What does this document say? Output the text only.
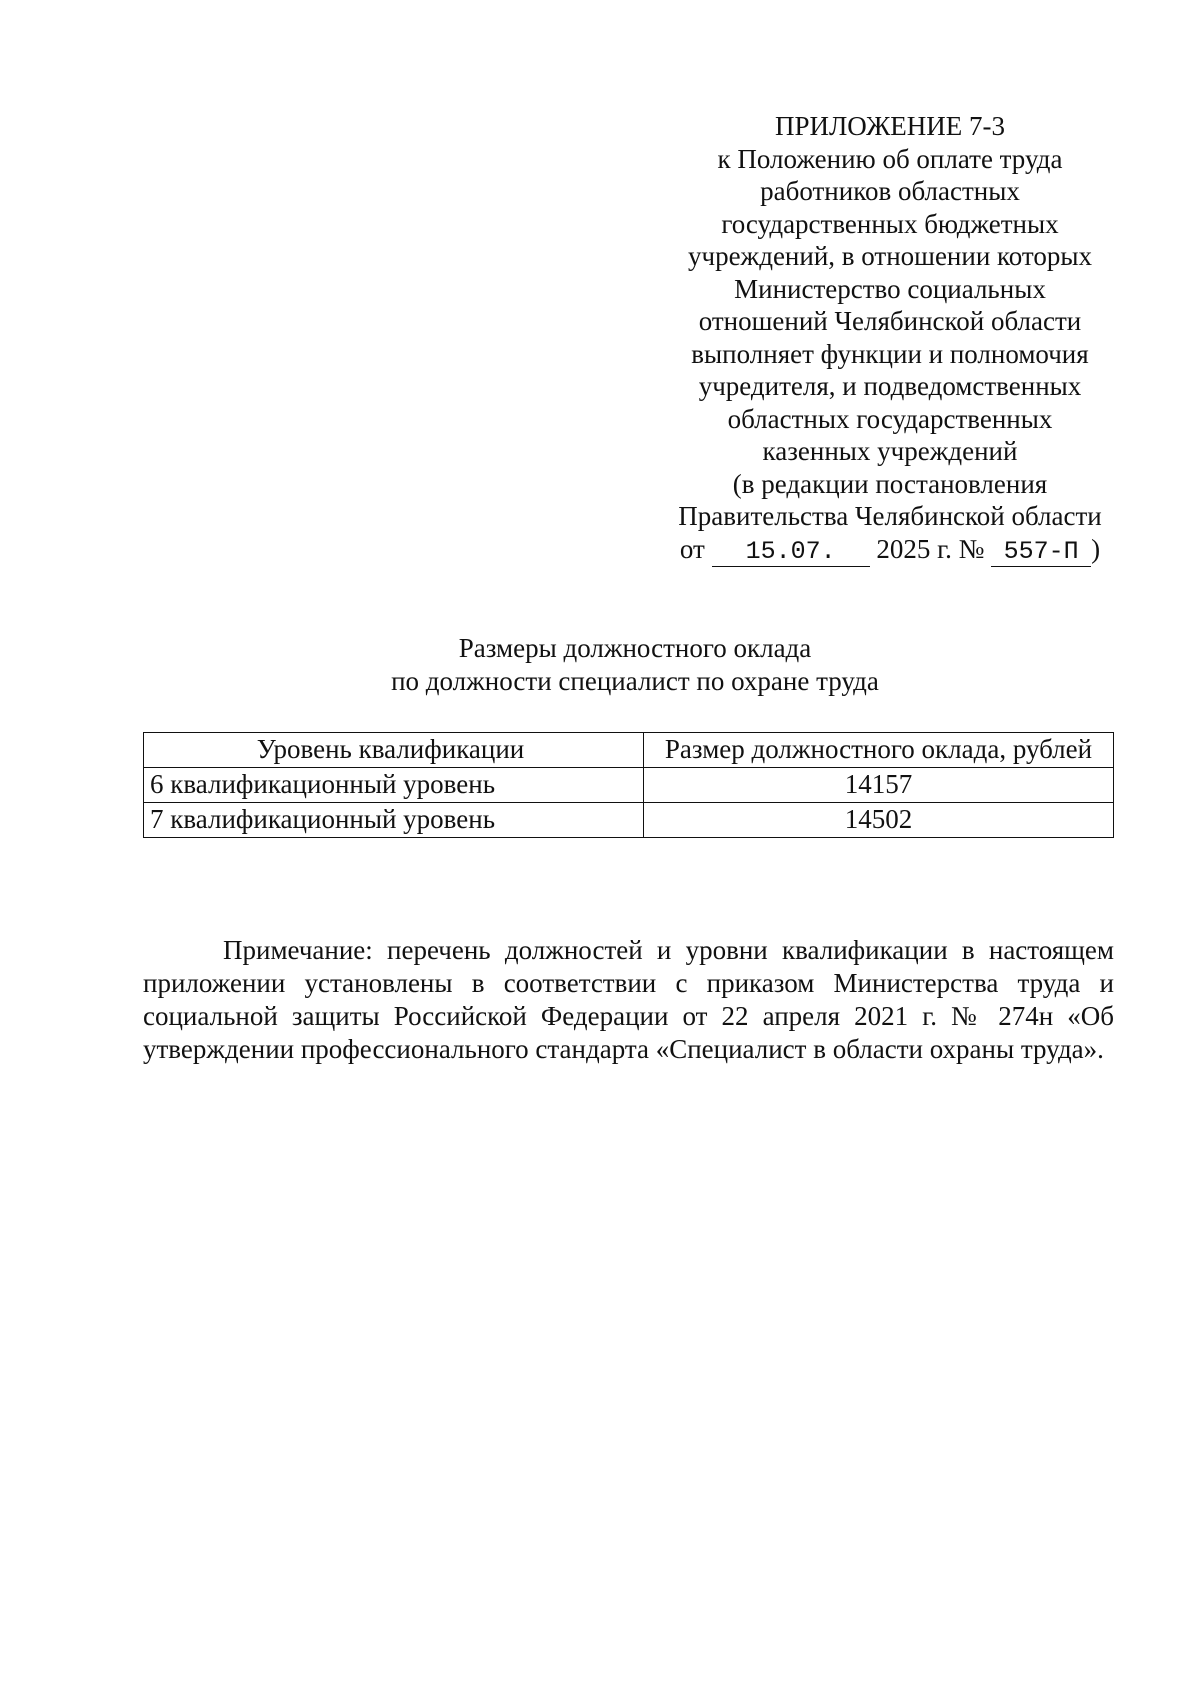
ПРИЛОЖЕНИЕ 7-3
к Положению об оплате труда
работников областных
государственных бюджетных
учреждений, в отношении которых
Министерство социальных
отношений Челябинской области
выполняет функции и полномочия
учредителя, и подведомственных
областных государственных
казенных учреждений
(в редакции постановления
Правительства Челябинской области
от 15.07. 2025 г. № 557-П )
Размеры должностного оклада
по должности специалист по охране труда
Уровень квалификации	Размер должностного оклада, рублей
6 квалификационный уровень	14157
7 квалификационный уровень	14502

Примечание: перечень должностей и уровни квалификации в настоящем приложении установлены в соответствии с приказом Министерства труда и социальной защиты Российской Федерации от 22 апреля 2021 г. № 274н «Об утверждении профессионального стандарта «Специалист в области охраны труда».
